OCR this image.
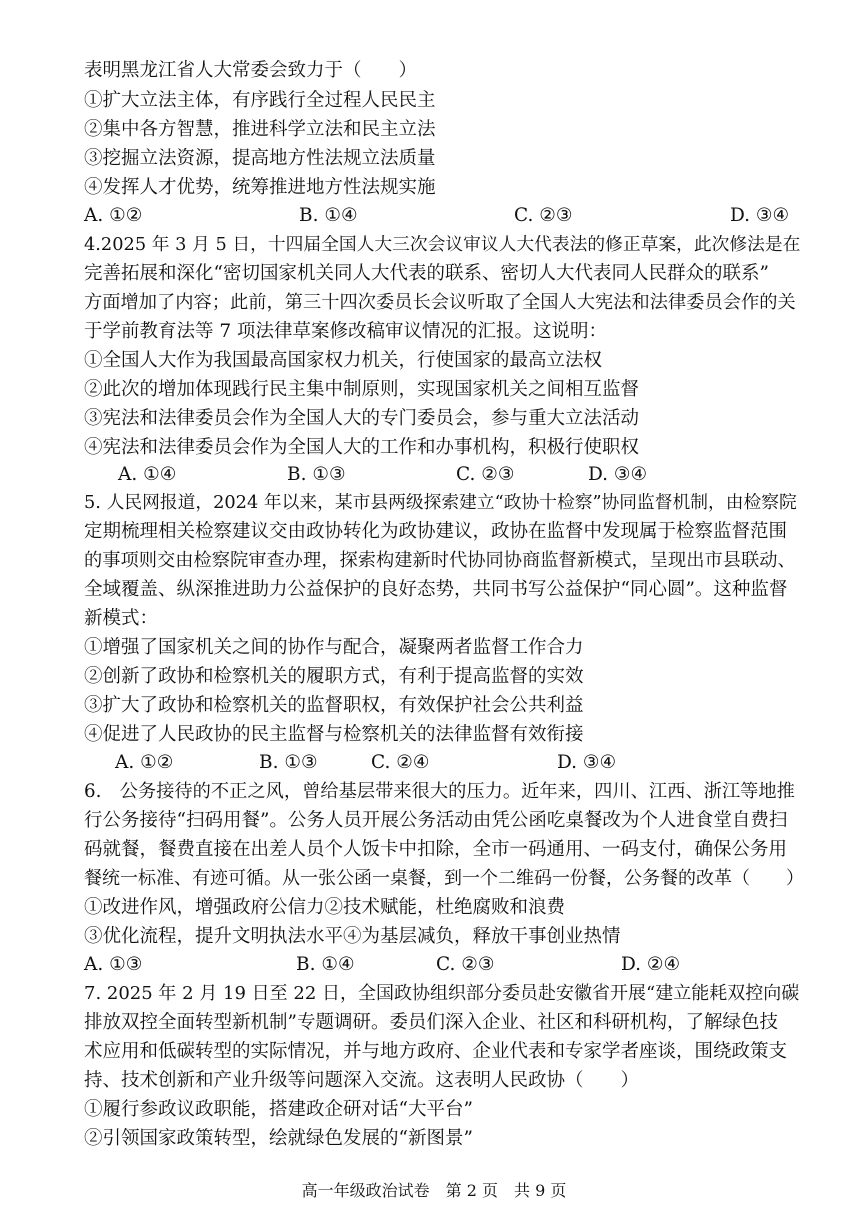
表明黑龙江省人大常委会致力于（　　）
①扩大立法主体，有序践行全过程人民民主
②集中各方智慧，推进科学立法和民主立法
③挖掘立法资源，提高地方性法规立法质量
④发挥人才优势，统筹推进地方性法规实施
A. ①②	B. ①④	C. ②③	D. ③④
4.2025 年 3 月 5 日，十四届全国人大三次会议审议人大代表法的修正草案，此次修法是在
完善拓展和深化“密切国家机关同人大代表的联系、密切人大代表同人民群众的联系”
方面增加了内容；此前，第三十四次委员长会议听取了全国人大宪法和法律委员会作的关
于学前教育法等 7 项法律草案修改稿审议情况的汇报。这说明：
①全国人大作为我国最高国家权力机关，行使国家的最高立法权
②此次的增加体现践行民主集中制原则，实现国家机关之间相互监督
③宪法和法律委员会作为全国人大的专门委员会，参与重大立法活动
④宪法和法律委员会作为全国人大的工作和办事机构，积极行使职权
A. ①④	B. ①③	C. ②③	D. ③④
5. 人民网报道，2024 年以来，某市县两级探索建立“政协十检察”协同监督机制，由检察院
定期梳理相关检察建议交由政协转化为政协建议，政协在监督中发现属于检察监督范围
的事项则交由检察院审查办理，探索构建新时代协同协商监督新模式，呈现出市县联动、
全域覆盖、纵深推进助力公益保护的良好态势，共同书写公益保护“同心圆”。这种监督
新模式：
①增强了国家机关之间的协作与配合，凝聚两者监督工作合力
②创新了政协和检察机关的履职方式，有利于提高监督的实效
③扩大了政协和检察机关的监督职权，有效保护社会公共利益
④促进了人民政协的民主监督与检察机关的法律监督有效衔接
A. ①②	B. ①③	C. ②④	D. ③④
6.　公务接待的不正之风，曾给基层带来很大的压力。近年来，四川、江西、浙江等地推
行公务接待“扫码用餐”。公务人员开展公务活动由凭公函吃桌餐改为个人进食堂自费扫
码就餐，餐费直接在出差人员个人饭卡中扣除，全市一码通用、一码支付，确保公务用
餐统一标准、有迹可循。从一张公函一桌餐，到一个二维码一份餐，公务餐的改革（　　）
①改进作风，增强政府公信力②技术赋能，杜绝腐败和浪费
③优化流程，提升文明执法水平④为基层减负，释放干事创业热情
A. ①③	B. ①④	C. ②③	D. ②④
7. 2025 年 2 月 19 日至 22 日，全国政协组织部分委员赴安徽省开展“建立能耗双控向碳
排放双控全面转型新机制”专题调研。委员们深入企业、社区和科研机构，了解绿色技
术应用和低碳转型的实际情况，并与地方政府、企业代表和专家学者座谈，围绕政策支
持、技术创新和产业升级等问题深入交流。这表明人民政协（　　）
①履行参政议政职能，搭建政企研对话“大平台”
②引领国家政策转型，绘就绿色发展的“新图景”
高一年级政治试卷　第 2 页　共 9 页
